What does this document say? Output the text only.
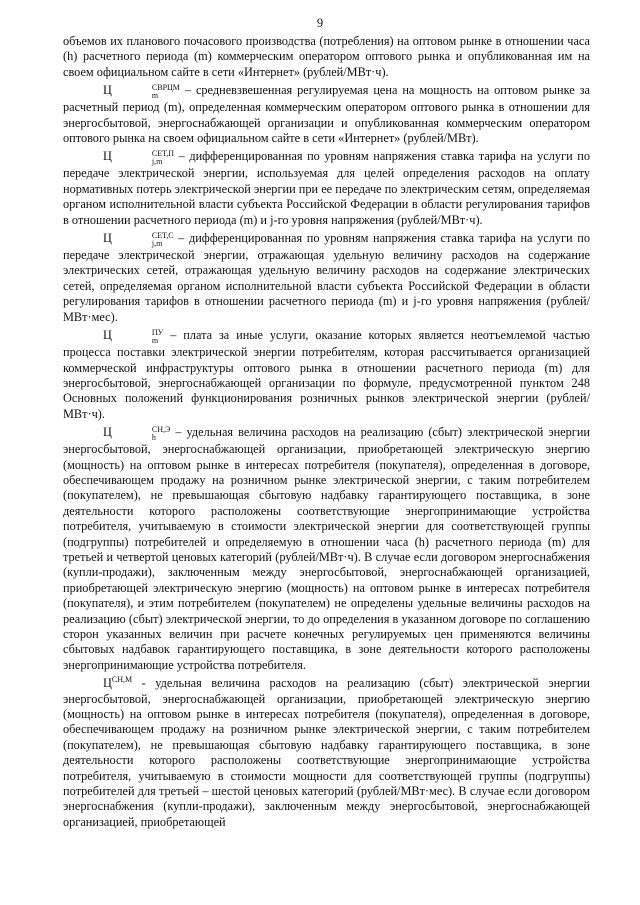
9

объемов их планового почасового производства (потребления) на оптовом рынке в отношении часа (h) расчетного периода (m) коммерческим оператором оптового рынка и опубликованная им на своем официальном сайте в сети «Интернет» (рублей/МВт·ч).

Ц	СВРЦМ
m	– средневзвешенная регулируемая цена на мощность на оптовом рынке за расчетный период (m), определенная коммерческим оператором оптового рынка в отношении для энергосбытовой, энергоснабжающей организации и опубликованная коммерческим оператором оптового рынка на своем официальном сайте в сети «Интернет» (рублей/МВт).

Ц	СЕТ,П
j,m – дифференцированная по уровням напряжения ставка тарифа на услуги по передаче электрической энергии, используемая для целей определения расходов на оплату нормативных потерь электрической энергии при ее передаче по электрическим сетям, определяемая органом исполнительной власти субъекта Российской Федерации в области регулирования тарифов в отношении расчетного периода (m) и j-го уровня напряжения (рублей/МВт·ч).

Ц	СЕТ,С
j,m – дифференцированная по уровням напряжения ставка тарифа на услуги по передаче электрической энергии, отражающая удельную величину расходов на содержание электрических сетей, отражающая удельную величину расходов на содержание электрических сетей, определяемая органом исполнительной власти субъекта Российской Федерации в области регулирования тарифов в отношении расчетного периода (m) и j-го уровня напряжения (рублей/МВт·мес).

Ц	ПУ
m – плата за иные услуги, оказание которых является неотъемлемой частью процесса поставки электрической энергии потребителям, которая рассчитывается организацией коммерческой инфраструктуры оптового рынка в отношении расчетного периода (m) для энергосбытовой, энергоснабжающей организации по формуле, предусмотренной пунктом 248 Основных положений функционирования розничных рынков электрической энергии (рублей/МВт·ч).

Ц	СН,Э
h	– удельная величина расходов на реализацию (сбыт) электрической энергии энергосбытовой, энергоснабжающей организации, приобретающей электрическую энергию (мощность) на оптовом рынке в интересах потребителя (покупателя), определенная в договоре, обеспечивающем продажу на розничном рынке электрической энергии, с таким потребителем (покупателем), не превышающая сбытовую надбавку гарантирующего поставщика, в зоне деятельности которого расположены соответствующие энергопринимающие устройства потребителя, учитываемую в стоимости электрической энергии для соответствующей группы (подгруппы) потребителей и определяемую в отношении часа (h) расчетного периода (m) для третьей и четвертой ценовых категорий (рублей/МВт·ч). В случае если договором энергоснабжения (купли-продажи), заключенным между энергосбытовой, энергоснабжающей организацией, приобретающей электрическую энергию (мощность) на оптовом рынке в интересах потребителя (покупателя), и этим потребителем (покупателем) не определены удельные величины расходов на реализацию (сбыт) электрической энергии, то до определения в указанном договоре по соглашению сторон указанных величин при расчете конечных регулируемых цен применяются величины сбытовых надбавок гарантирующего поставщика, в зоне деятельности которого расположены энергопринимающие устройства потребителя.

$Ц^{СН,М}$ - удельная величина расходов на реализацию (сбыт) электрической энергии энергосбытовой, энергоснабжающей организации, приобретающей электрическую энергию (мощность) на оптовом рынке в интересах потребителя (покупателя), определенная в договоре, обеспечивающем продажу на розничном рынке электрической энергии, с таким потребителем (покупателем), не превышающая сбытовую надбавку гарантирующего поставщика, в зоне деятельности которого расположены соответствующие энергопринимающие устройства потребителя, учитываемую в стоимости мощности для соответствующей группы (подгруппы) потребителей для третьей – шестой ценовых категорий (рублей/МВт·мес). В случае если договором энергоснабжения (купли-продажи), заключенным между энергосбытовой, энергоснабжающей организацией, приобретающей
